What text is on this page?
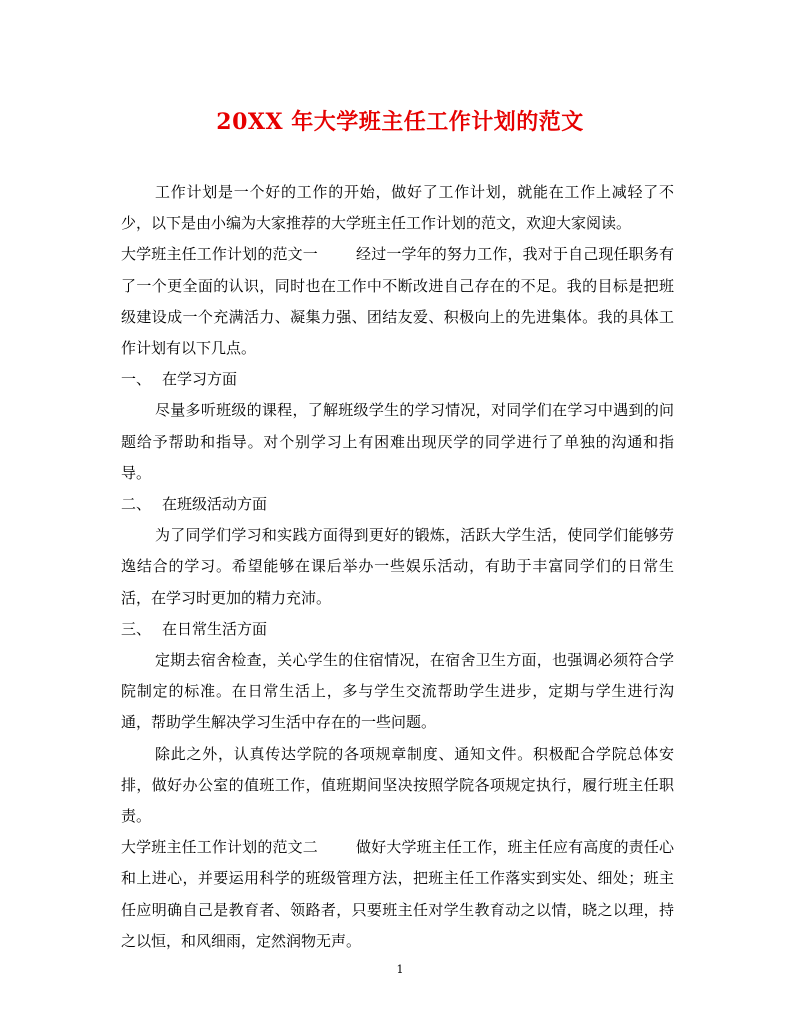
20XX 年大学班主任工作计划的范文

工作计划是一个好的工作的开始，做好了工作计划，就能在工作上减轻了不少，以下是由小编为大家推荐的大学班主任工作计划的范文，欢迎大家阅读。

大学班主任工作计划的范文一	经过一学年的努力工作，我对于自己现任职务有了一个更全面的认识，同时也在工作中不断改进自己存在的不足。我的目标是把班级建设成一个充满活力、凝集力强、团结友爱、积极向上的先进集体。我的具体工作计划有以下几点。

一、 在学习方面

尽量多听班级的课程，了解班级学生的学习情况，对同学们在学习中遇到的问题给予帮助和指导。对个别学习上有困难出现厌学的同学进行了单独的沟通和指导。

二、 在班级活动方面

为了同学们学习和实践方面得到更好的锻炼，活跃大学生活，使同学们能够劳逸结合的学习。希望能够在课后举办一些娱乐活动，有助于丰富同学们的日常生活，在学习时更加的精力充沛。

三、 在日常生活方面

定期去宿舍检查，关心学生的住宿情况，在宿舍卫生方面，也强调必须符合学院制定的标准。在日常生活上，多与学生交流帮助学生进步，定期与学生进行沟通，帮助学生解决学习生活中存在的一些问题。

除此之外，认真传达学院的各项规章制度、通知文件。积极配合学院总体安排，做好办公室的值班工作，值班期间坚决按照学院各项规定执行，履行班主任职责。

大学班主任工作计划的范文二	做好大学班主任工作，班主任应有高度的责任心和上进心，并要运用科学的班级管理方法，把班主任工作落实到实处、细处；班主任应明确自己是教育者、领路者，只要班主任对学生教育动之以情，晓之以理，持之以恒，和风细雨，定然润物无声。

1
